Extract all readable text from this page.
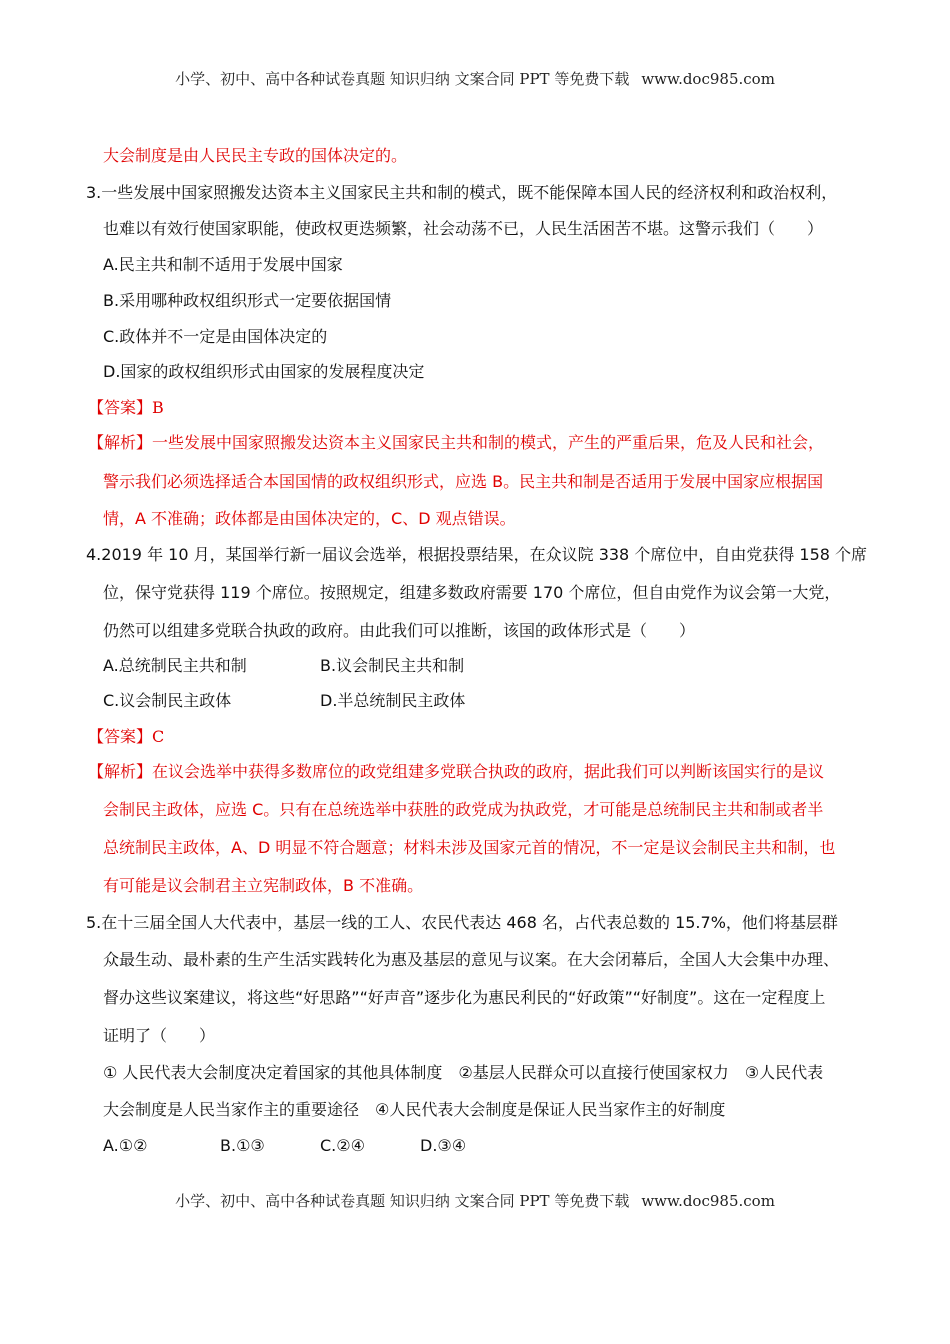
小学、初中、高中各种试卷真题 知识归纳 文案合同 PPT 等免费下载 www.doc985.com
大会制度是由人民民主专政的国体决定的。
3.一些发展中国家照搬发达资本主义国家民主共和制的模式，既不能保障本国人民的经济权利和政治权利，
也难以有效行使国家职能，使政权更迭频繁，社会动荡不已，人民生活困苦不堪。这警示我们（　　）
A.民主共和制不适用于发展中国家
B.采用哪种政权组织形式一定要依据国情
C.政体并不一定是由国体决定的
D.国家的政权组织形式由国家的发展程度决定
【答案】B
【解析】一些发展中国家照搬发达资本主义国家民主共和制的模式，产生的严重后果，危及人民和社会，
警示我们必须选择适合本国国情的政权组织形式，应选 B。民主共和制是否适用于发展中国家应根据国
情，A 不准确；政体都是由国体决定的，C、D 观点错误。
4.2019 年 10 月，某国举行新一届议会选举，根据投票结果，在众议院 338 个席位中，自由党获得 158 个席
位，保守党获得 119 个席位。按照规定，组建多数政府需要 170 个席位，但自由党作为议会第一大党，
仍然可以组建多党联合执政的政府。由此我们可以推断，该国的政体形式是（　　）
A.总统制民主共和制	B.议会制民主共和制
C.议会制民主政体	D.半总统制民主政体
【答案】C
【解析】在议会选举中获得多数席位的政党组建多党联合执政的政府，据此我们可以判断该国实行的是议
会制民主政体，应选 C。只有在总统选举中获胜的政党成为执政党，才可能是总统制民主共和制或者半
总统制民主政体，A、D 明显不符合题意；材料未涉及国家元首的情况，不一定是议会制民主共和制，也
有可能是议会制君主立宪制政体，B 不准确。
5.在十三届全国人大代表中，基层一线的工人、农民代表达 468 名，占代表总数的 15.7%，他们将基层群
众最生动、最朴素的生产生活实践转化为惠及基层的意见与议案。在大会闭幕后，全国人大会集中办理、
督办这些议案建议，将这些“好思路”“好声音”逐步化为惠民利民的“好政策”“好制度”。这在一定程度上
证明了（　　）
① 人民代表大会制度决定着国家的其他具体制度　②基层人民群众可以直接行使国家权力　③人民代表
大会制度是人民当家作主的重要途径　④人民代表大会制度是保证人民当家作主的好制度
A.①②	B.①③	C.②④	D.③④
小学、初中、高中各种试卷真题 知识归纳 文案合同 PPT 等免费下载 www.doc985.com
